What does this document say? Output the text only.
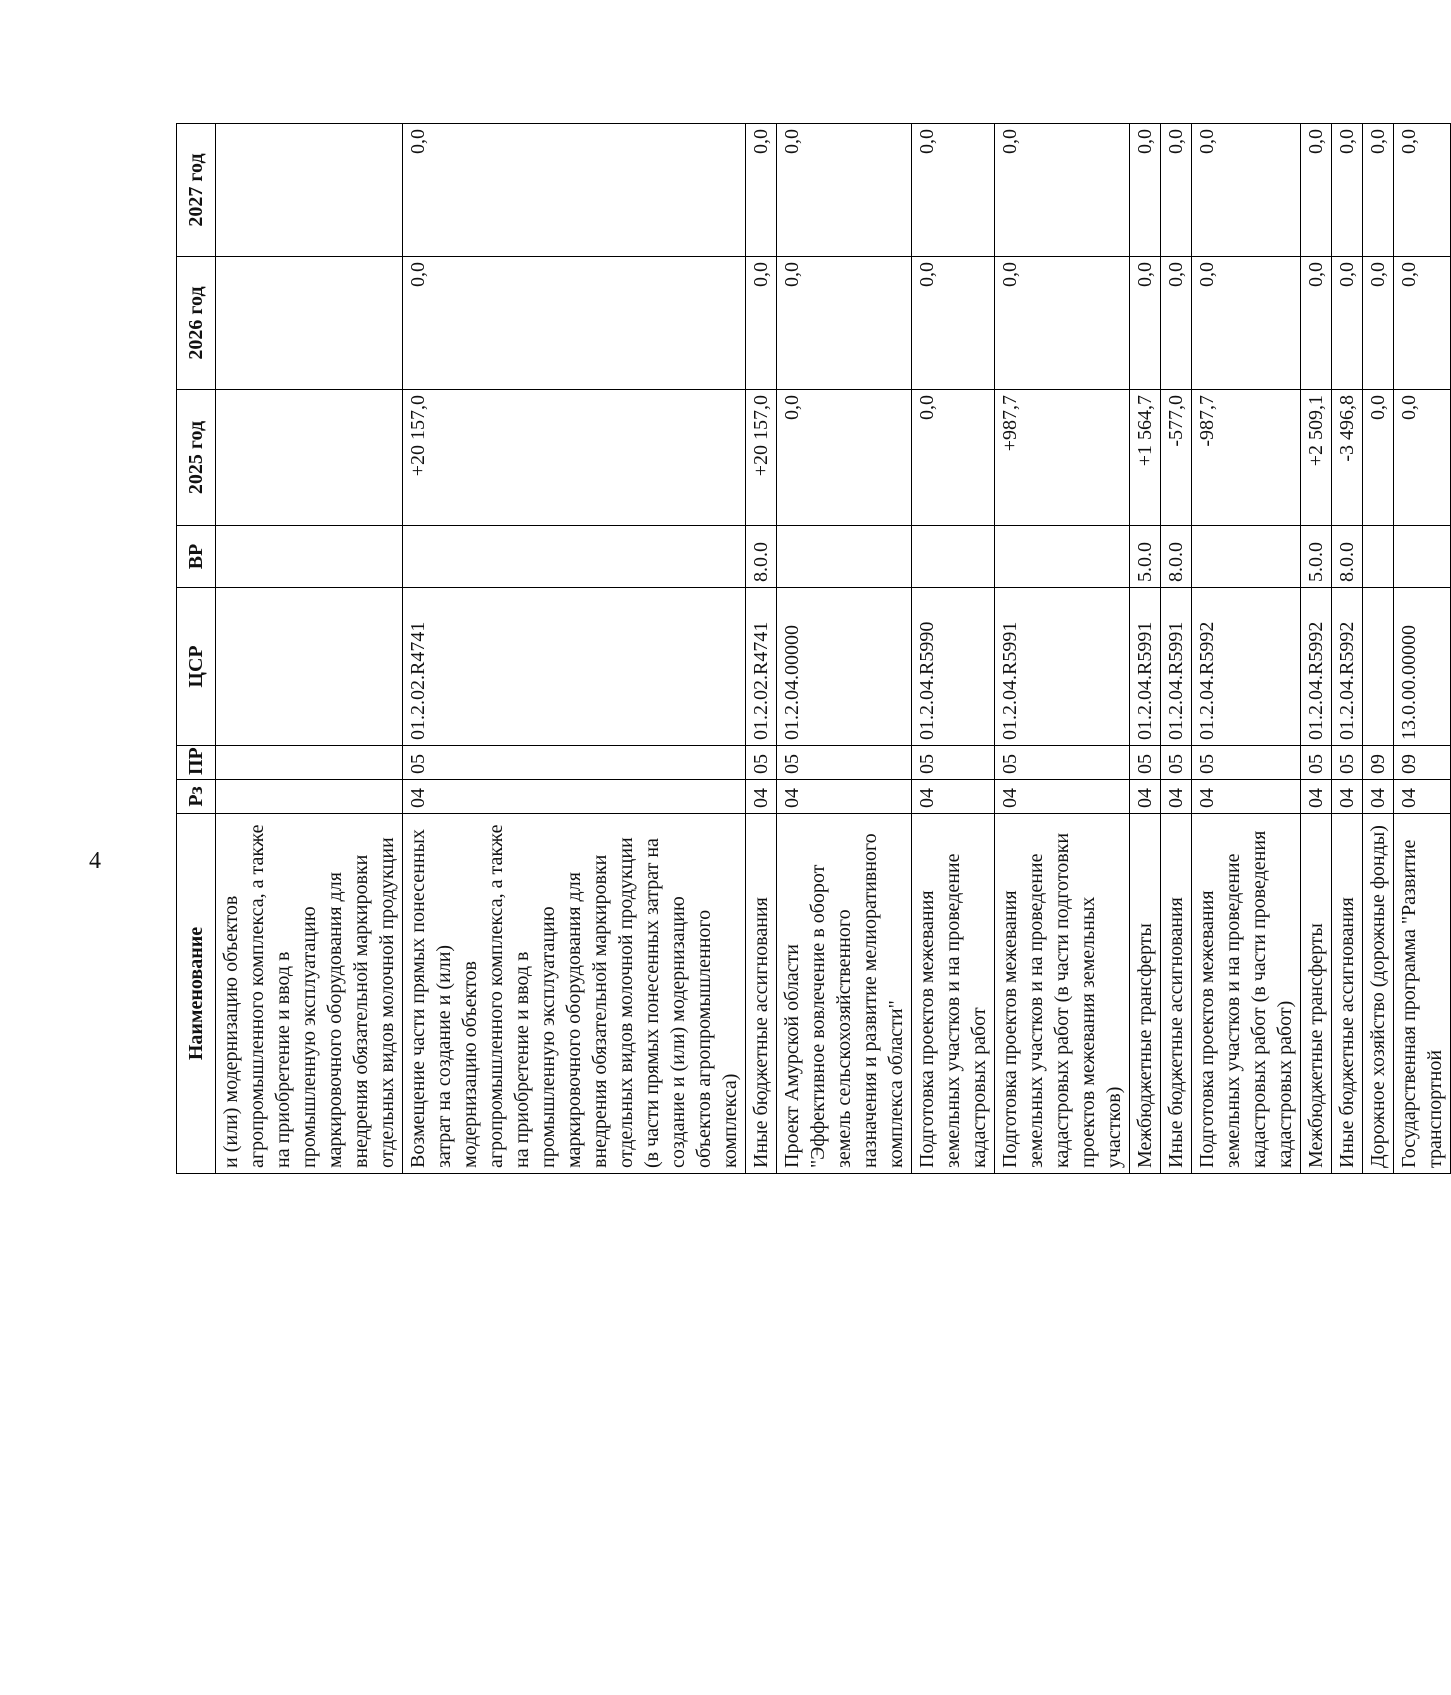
4
Наименование	Рз	ПР	ЦСР	ВР	2025 год	2026 год	2027 год
и (или) модернизацию объектов агропромышленного комплекса, а также на приобретение и ввод в промышленную эксплуатацию маркировочного оборудования для внедрения обязательной маркировки отдельных видов молочной продукции							
Возмещение части прямых понесенных затрат на создание и (или) модернизацию объектов агропромышленного комплекса, а также на приобретение и ввод в промышленную эксплуатацию маркировочного оборудования для внедрения обязательной маркировки отдельных видов молочной продукции (в части прямых понесенных затрат на создание и (или) модернизацию объектов агропромышленного комплекса)	04	05	01.2.02.R4741		+20 157,0	0,0	0,0
Иные бюджетные ассигнования	04	05	01.2.02.R4741	8.0.0	+20 157,0	0,0	0,0
Проект Амурской области "Эффективное вовлечение в оборот земель сельскохозяйственного назначения и развитие мелиоративного комплекса области"	04	05	01.2.04.00000		0,0	0,0	0,0
Подготовка проектов межевания земельных участков и на проведение кадастровых работ	04	05	01.2.04.R5990		0,0	0,0	0,0
Подготовка проектов межевания земельных участков и на проведение кадастровых работ (в части подготовки проектов межевания земельных участков)	04	05	01.2.04.R5991		+987,7	0,0	0,0
Межбюджетные трансферты	04	05	01.2.04.R5991	5.0.0	+1 564,7	0,0	0,0
Иные бюджетные ассигнования	04	05	01.2.04.R5991	8.0.0	-577,0	0,0	0,0
Подготовка проектов межевания земельных участков и на проведение кадастровых работ (в части проведения кадастровых работ)	04	05	01.2.04.R5992		-987,7	0,0	0,0
Межбюджетные трансферты	04	05	01.2.04.R5992	5.0.0	+2 509,1	0,0	0,0
Иные бюджетные ассигнования	04	05	01.2.04.R5992	8.0.0	-3 496,8	0,0	0,0
Дорожное хозяйство (дорожные фонды)	04	09			0,0	0,0	0,0
Государственная программа "Развитие транспортной	04	09	13.0.00.00000		0,0	0,0	0,0
